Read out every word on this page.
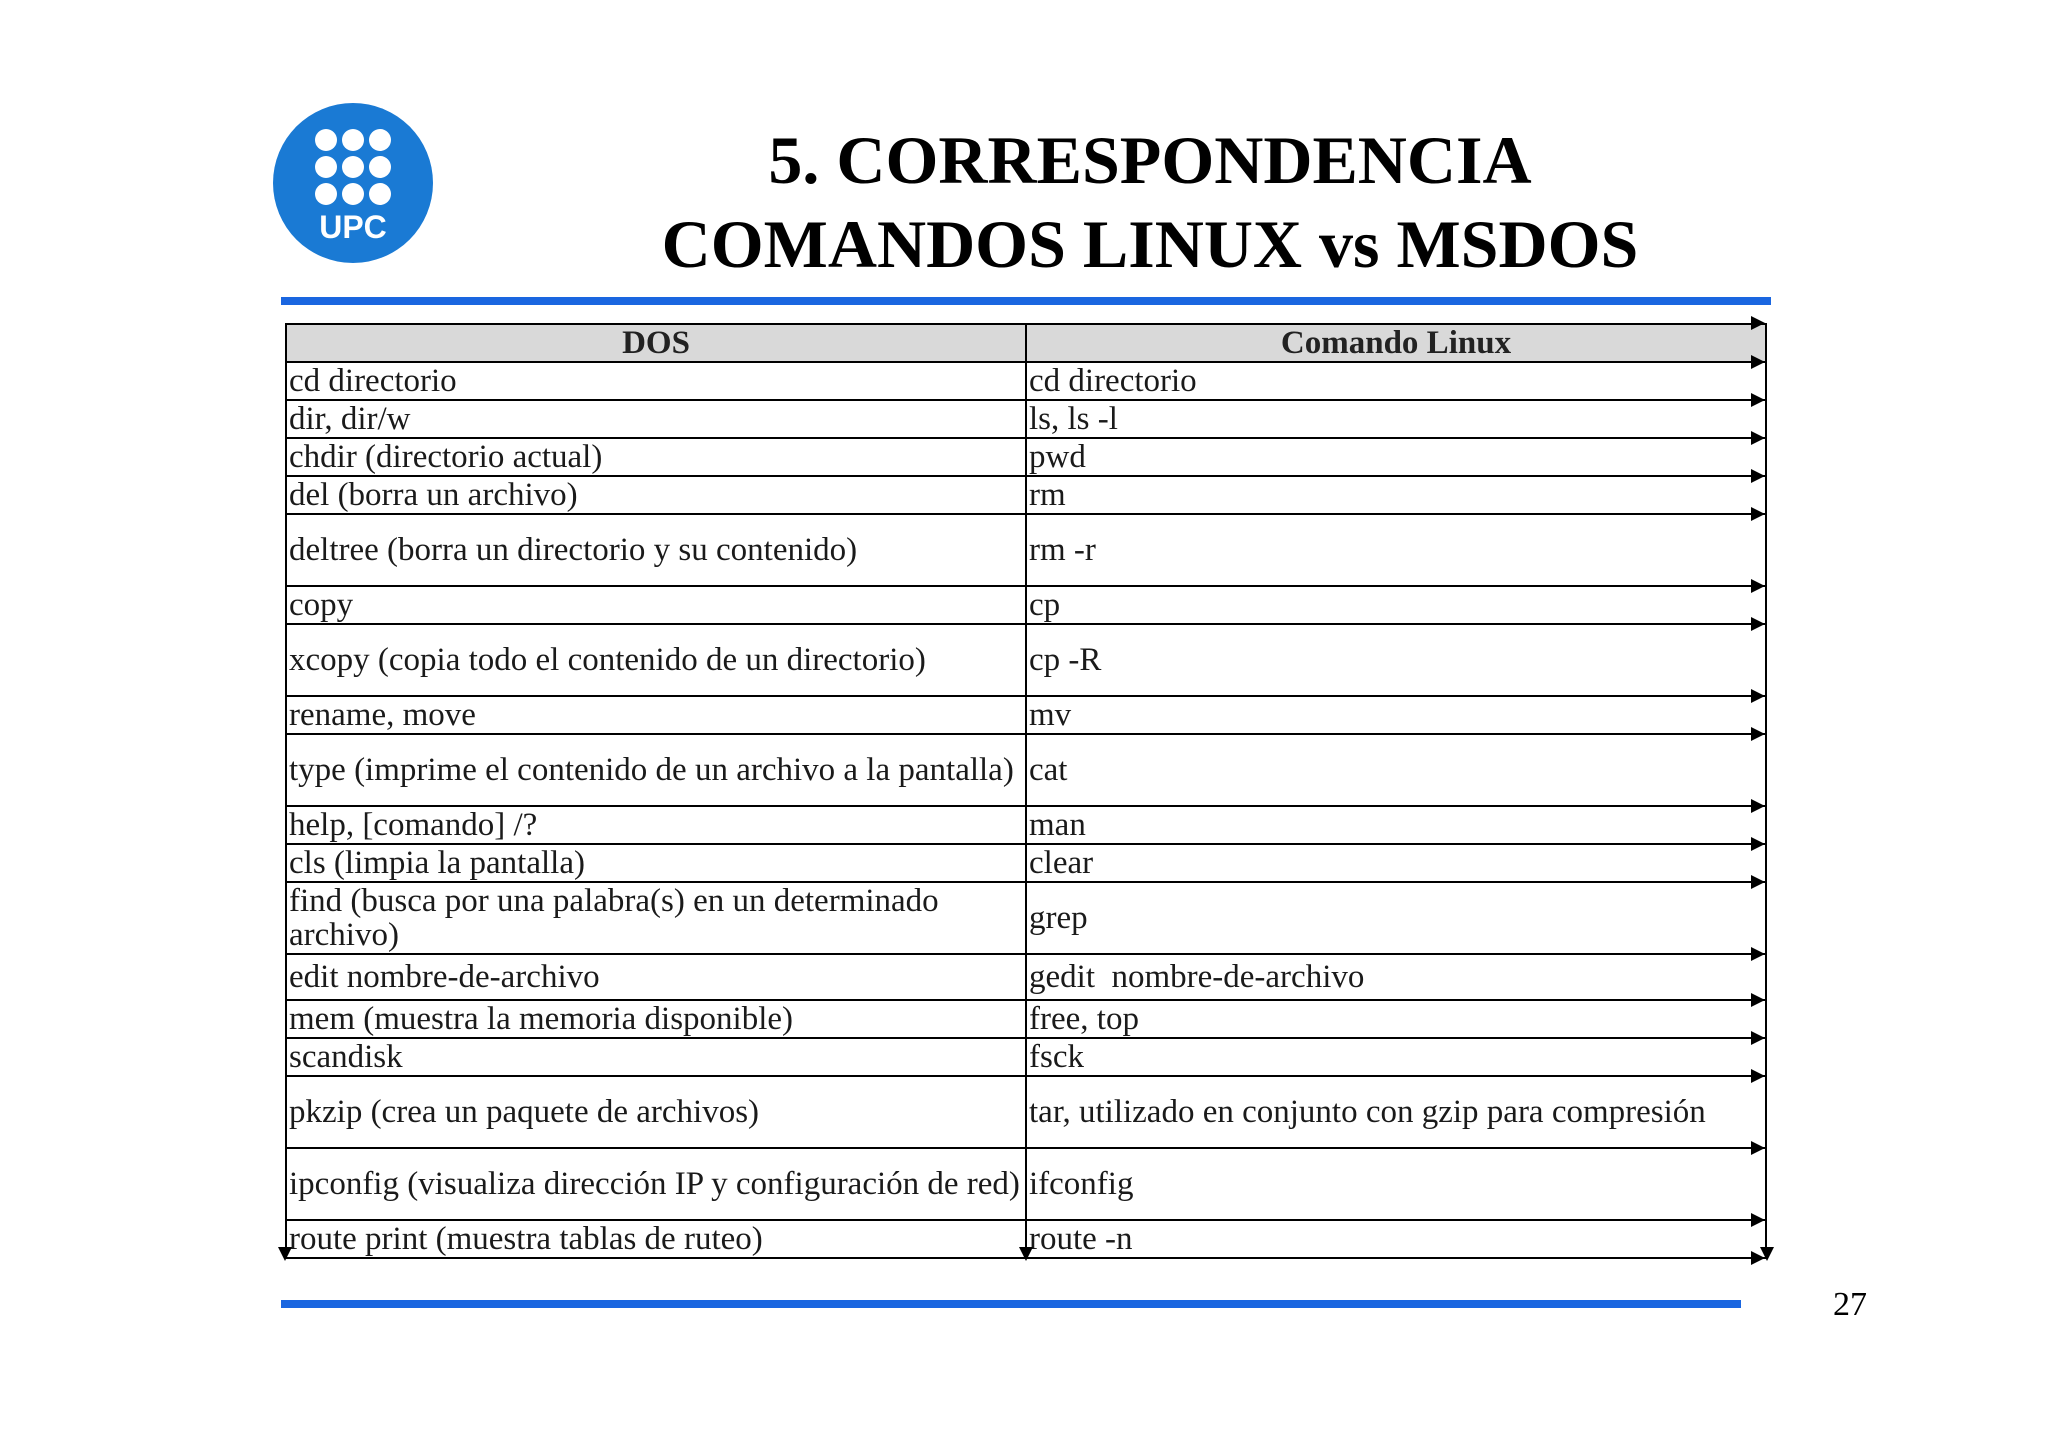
UPC
5. CORRESPONDENCIA
COMANDOS LINUX vs MSDOS
DOS	Comando Linux
cd directorio	cd directorio
dir, dir/w	ls, ls -l
chdir (directorio actual)	pwd
del (borra un archivo)	rm
deltree (borra un directorio y su contenido)	rm -r
copy	cp
xcopy (copia todo el contenido de un directorio)	cp -R
rename, move	mv
type (imprime el contenido de un archivo a la pantalla)	cat
help, [comando] /?	man
cls (limpia la pantalla)	clear
find (busca por una palabra(s) en un determinado archivo)	grep
edit nombre-de-archivo	gedit  nombre-de-archivo
mem (muestra la memoria disponible)	free, top
scandisk	fsck
pkzip (crea un paquete de archivos)	tar, utilizado en conjunto con gzip para compresión
ipconfig (visualiza dirección IP y configuración de red)	ifconfig
route print (muestra tablas de ruteo)	route -n
27
